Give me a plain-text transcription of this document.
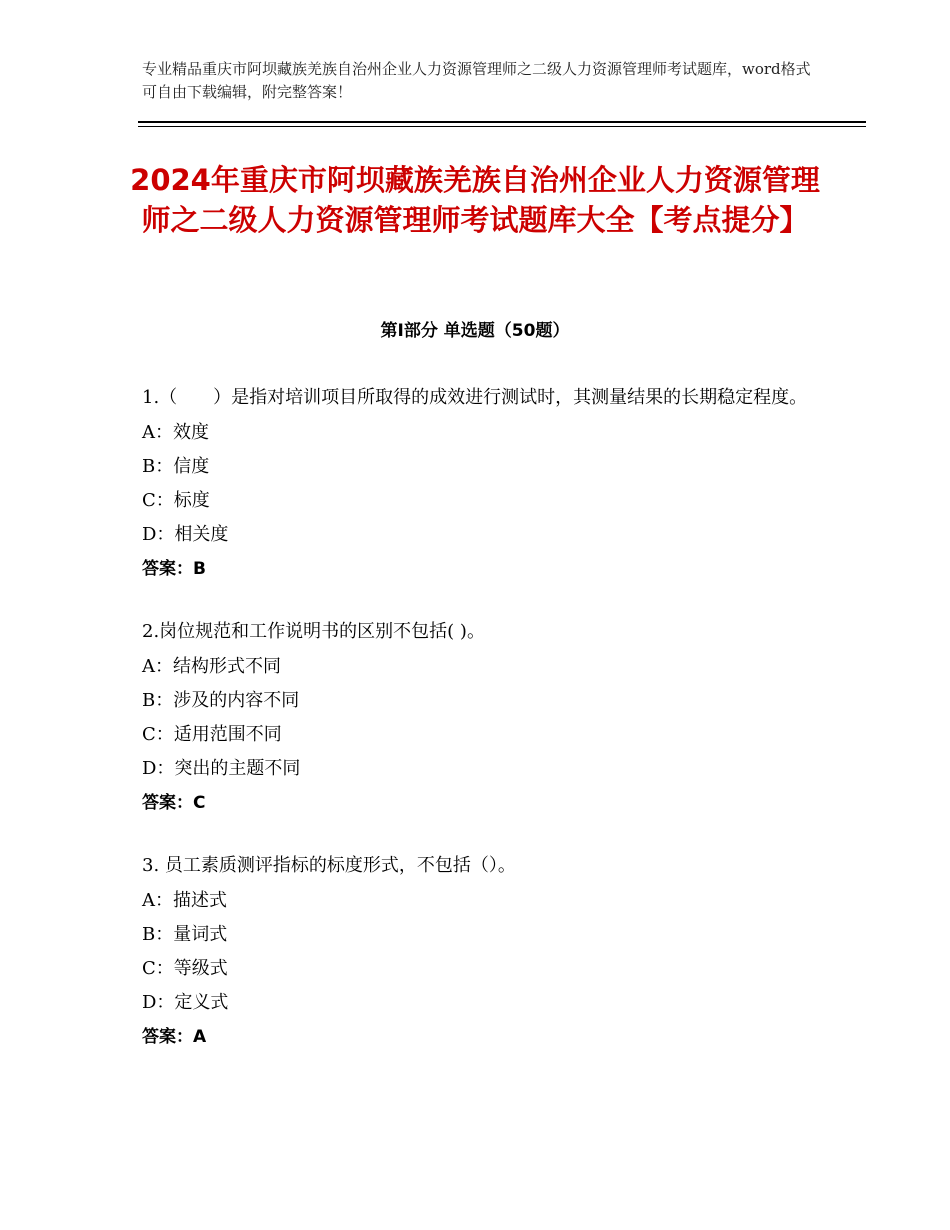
专业精品重庆市阿坝藏族羌族自治州企业人力资源管理师之二级人力资源管理师考试题库，word格式可自由下载编辑，附完整答案！
2024年重庆市阿坝藏族羌族自治州企业人力资源管理师之二级人力资源管理师考试题库大全【考点提分】
第Ⅰ部分 单选题（50题）
1.（　　）是指对培训项目所取得的成效进行测试时，其测量结果的长期稳定程度。
A：效度
B：信度
C：标度
D：相关度
答案：B
2.岗位规范和工作说明书的区别不包括( )。
A：结构形式不同
B：涉及的内容不同
C：适用范围不同
D：突出的主题不同
答案：C
3. 员工素质测评指标的标度形式，不包括（）。
A：描述式
B：量词式
C：等级式
D：定义式
答案：A
